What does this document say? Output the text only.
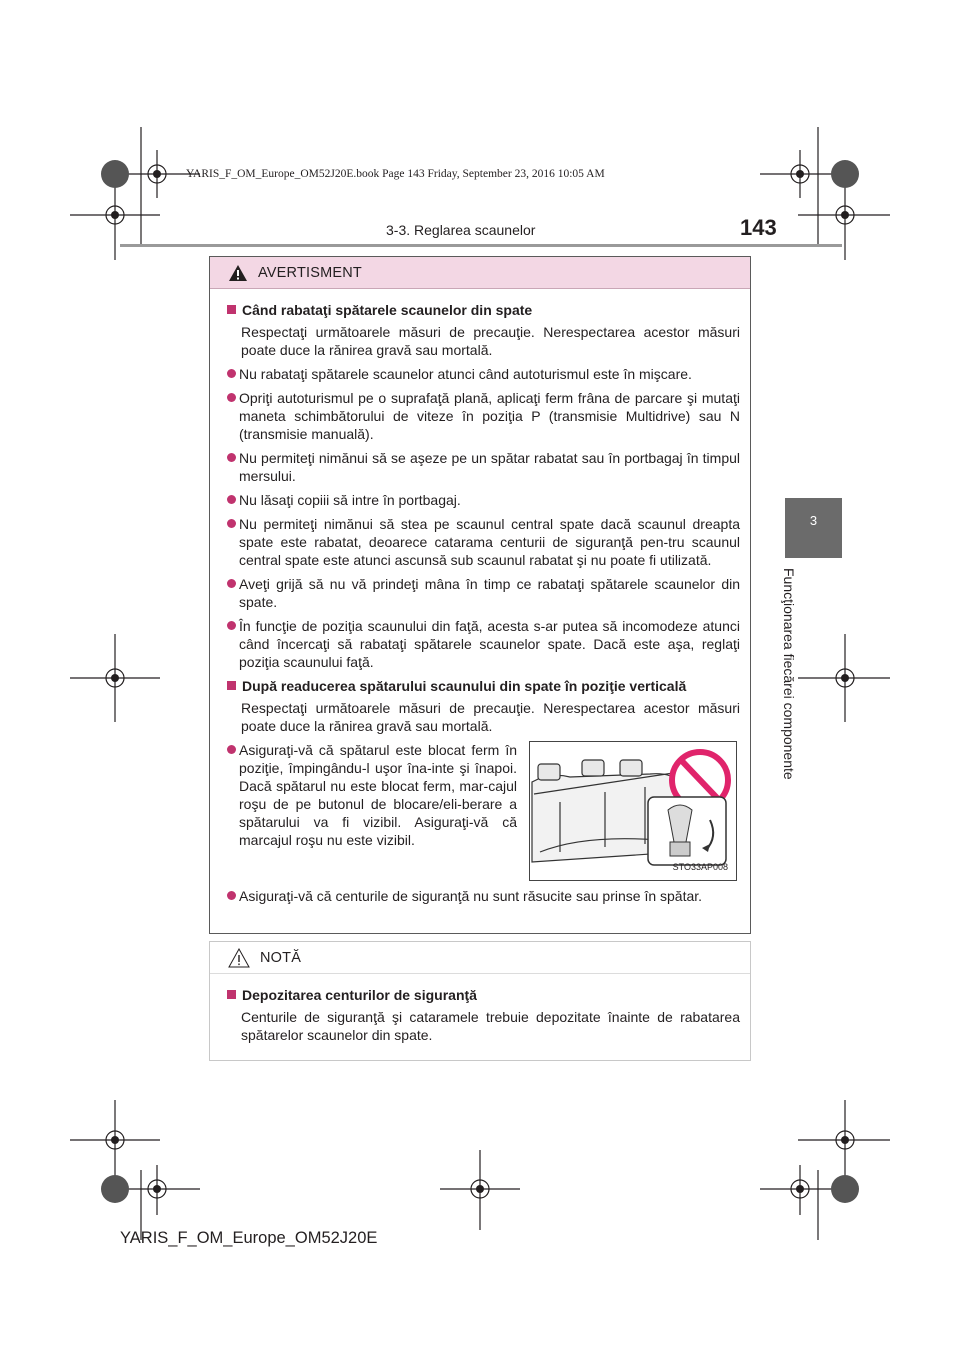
YARIS_F_OM_Europe_OM52J20E.book Page 143 Friday, September 23, 2016 10:05 AM
3-3. Reglarea scaunelor	143
3
Funcţionarea fiecărei componente
AVERTISMENT
Când rabataţi spătarele scaunelor din spate
Respectaţi următoarele măsuri de precauţie. Nerespectarea acestor măsuri poate duce la rănirea gravă sau mortală.
Nu rabataţi spătarele scaunelor atunci când autoturismul este în mişcare.
Opriţi autoturismul pe o suprafaţă plană, aplicaţi ferm frâna de parcare şi mutaţi maneta schimbătorului de viteze în poziţia P (transmisie Multidrive) sau N (transmisie manuală).
Nu permiteţi nimănui să se aşeze pe un spătar rabatat sau în portbagaj în timpul mersului.
Nu lăsaţi copiii să intre în portbagaj.
Nu permiteţi nimănui să stea pe scaunul central spate dacă scaunul dreapta spate este rabatat, deoarece catarama centurii de siguranţă pen-tru scaunul central spate este atunci ascunsă sub scaunul rabatat şi nu poate fi utilizată.
Aveţi grijă să nu vă prindeţi mâna în timp ce rabataţi spătarele scaunelor din spate.
În funcţie de poziţia scaunului din faţă, acesta s-ar putea să incomodeze atunci când încercaţi să rabataţi spătarele scaunelor spate. Dacă este aşa, reglaţi poziţia scaunului faţă.
După readucerea spătarului scaunului din spate în poziţie verticală
Respectaţi următoarele măsuri de precauţie. Nerespectarea acestor măsuri poate duce la rănirea gravă sau mortală.
Asiguraţi-vă că spătarul este blocat ferm în poziţie, împingându-l uşor îna-inte şi înapoi. Dacă spătarul nu este blocat ferm, mar-cajul roşu de pe butonul de blocare/eli-berare a spătarului va fi vizibil. Asiguraţi-vă că marcajul roşu nu este vizibil.
STO33AP008
Asiguraţi-vă că centurile de siguranţă nu sunt răsucite sau prinse în spătar.
NOTĂ
Depozitarea centurilor de siguranţă
Centurile de siguranţă şi cataramele trebuie depozitate înainte de rabatarea spătarelor scaunelor din spate.
YARIS_F_OM_Europe_OM52J20E
